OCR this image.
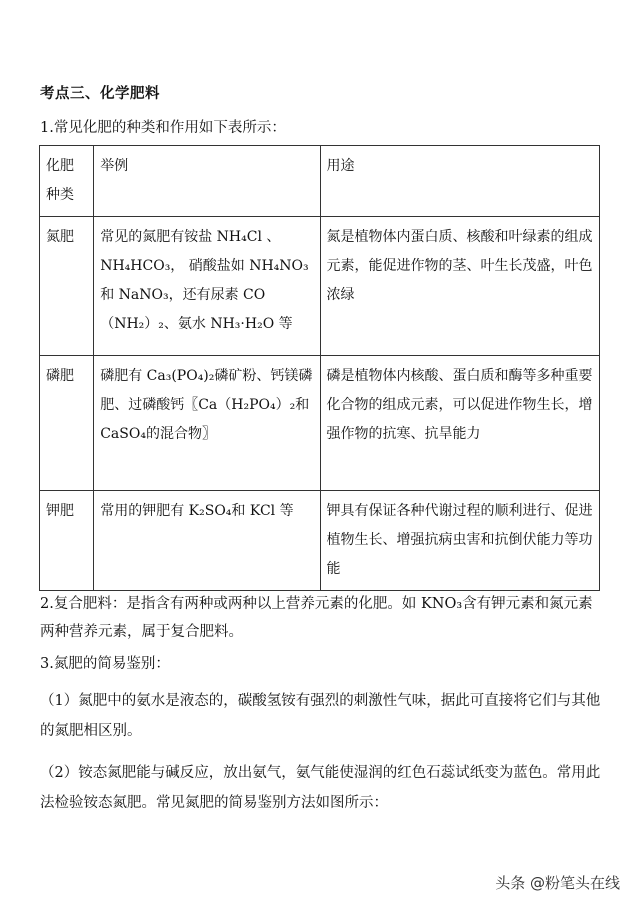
考点三、化学肥料
1.常见化肥的种类和作用如下表所示：
化肥种类	举例	用途
氮肥	常见的氮肥有铵盐 NH₄Cl 、NH₄HCO₃， 硝酸盐如 NH₄NO₃ 和 NaNO₃，还有尿素 CO（NH₂）₂、氨水 NH₃·H₂O 等	氮是植物体内蛋白质、核酸和叶绿素的组成元素，能促进作物的茎、叶生长茂盛，叶色浓绿
磷肥	磷肥有 Ca₃(PO₄)₂磷矿粉、钙镁磷肥、过磷酸钙〖Ca（H₂PO₄）₂和 CaSO₄的混合物〗	磷是植物体内核酸、蛋白质和酶等多种重要化合物的组成元素，可以促进作物生长，增强作物的抗寒、抗旱能力
钾肥	常用的钾肥有 K₂SO₄和 KCl 等	钾具有保证各种代谢过程的顺利进行、促进植物生长、增强抗病虫害和抗倒伏能力等功能
2.复合肥料：是指含有两种或两种以上营养元素的化肥。如 KNO₃含有钾元素和氮元素两种营养元素，属于复合肥料。
3.氮肥的简易鉴别：
（1）氮肥中的氨水是液态的，碳酸氢铵有强烈的刺激性气味，据此可直接将它们与其他的氮肥相区别。
（2）铵态氮肥能与碱反应，放出氨气，氨气能使湿润的红色石蕊试纸变为蓝色。常用此法检验铵态氮肥。常见氮肥的简易鉴别方法如图所示：
头条 @粉笔头在线
